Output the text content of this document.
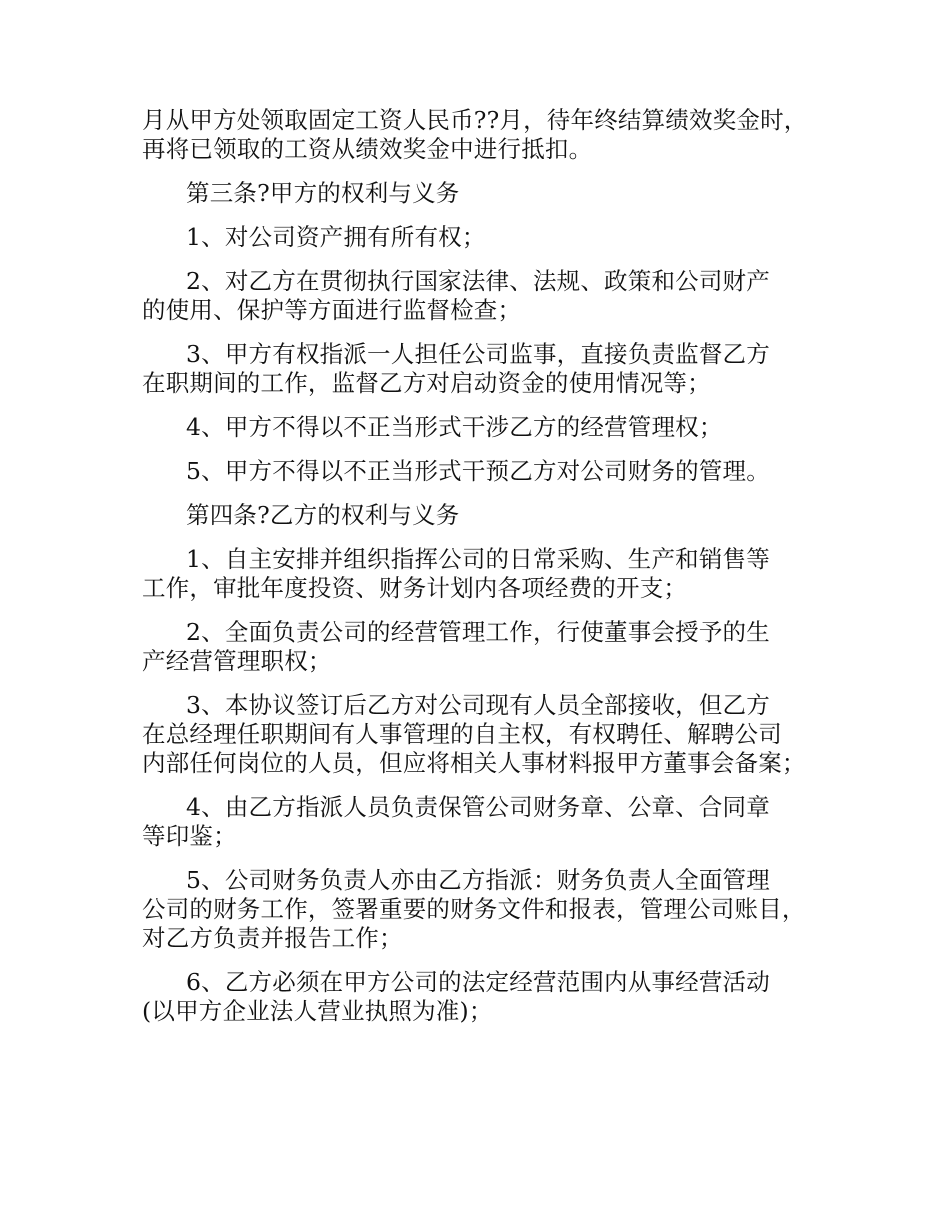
月从甲方处领取固定工资人民币??月，待年终结算绩效奖金时，
再将已领取的工资从绩效奖金中进行抵扣。
第三条?甲方的权利与义务
1、对公司资产拥有所有权；
2、对乙方在贯彻执行国家法律、法规、政策和公司财产
的使用、保护等方面进行监督检查；
3、甲方有权指派一人担任公司监事，直接负责监督乙方
在职期间的工作，监督乙方对启动资金的使用情况等；
4、甲方不得以不正当形式干涉乙方的经营管理权；
5、甲方不得以不正当形式干预乙方对公司财务的管理。
第四条?乙方的权利与义务
1、自主安排并组织指挥公司的日常采购、生产和销售等
工作，审批年度投资、财务计划内各项经费的开支；
2、全面负责公司的经营管理工作，行使董事会授予的生
产经营管理职权；
3、本协议签订后乙方对公司现有人员全部接收，但乙方
在总经理任职期间有人事管理的自主权，有权聘任、解聘公司
内部任何岗位的人员，但应将相关人事材料报甲方董事会备案；
4、由乙方指派人员负责保管公司财务章、公章、合同章
等印鉴；
5、公司财务负责人亦由乙方指派：财务负责人全面管理
公司的财务工作，签署重要的财务文件和报表，管理公司账目，
对乙方负责并报告工作；
6、乙方必须在甲方公司的法定经营范围内从事经营活动
(以甲方企业法人营业执照为准)；
